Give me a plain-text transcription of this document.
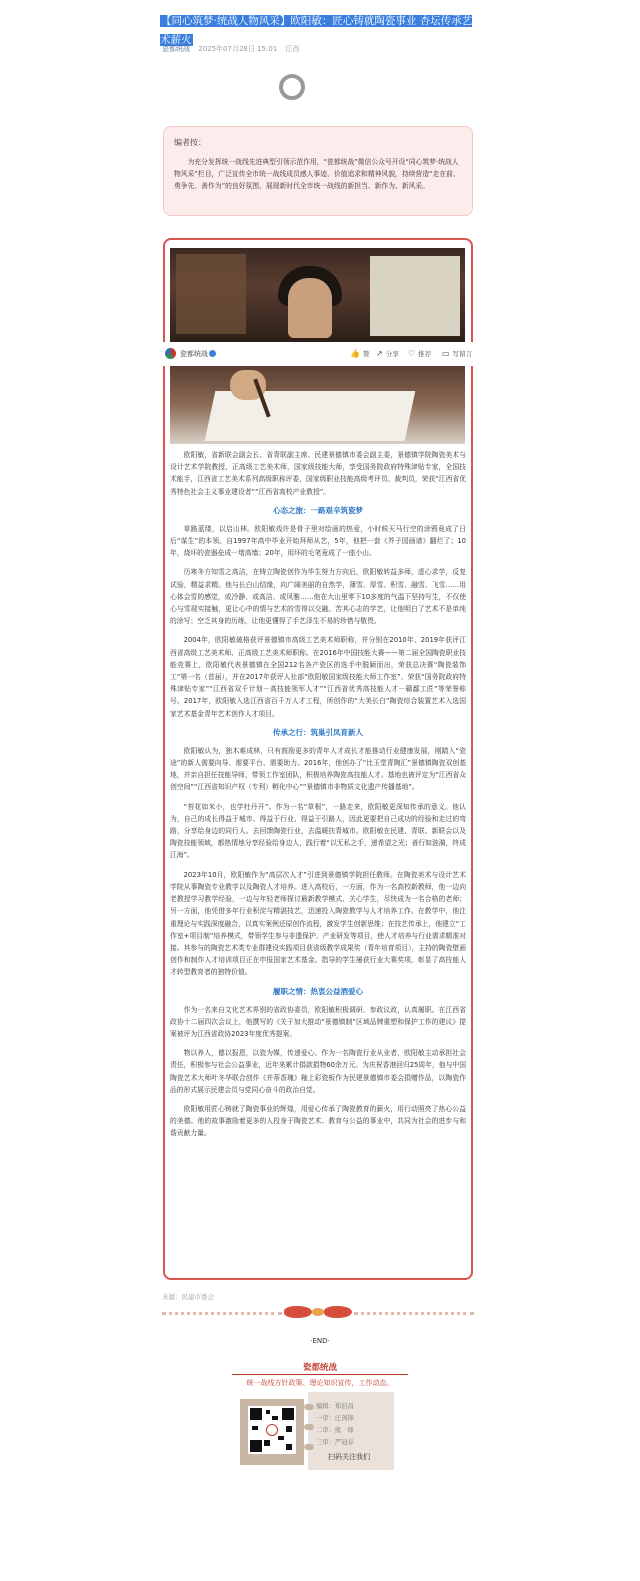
【同心筑梦·统战人物风采】欧阳敏：匠心铸就陶瓷事业 杏坛传承艺术薪火
瓷都统战 2025年07月28日 15:01 江西
编者按：
为充分发挥统一战线先进典型引领示范作用，“瓷都统战”微信公众号开设“同心筑梦·统战人物风采”栏目，广泛宣传全市统一战线成员感人事迹、价值追求和精神风貌，持续营造“走在前、勇争先、善作为”的良好氛围，展现新时代全市统一战线的新担当、新作为、新风采。
瓷都统战	👍 赞 ↗ 分享 ♡ 推荐 ▭ 写留言

欧阳敏，省新联会副会长、省青联副主席、民建景德镇市委会副主委，景德镇学院陶瓷美术与设计艺术学院教授，正高级工艺美术师，国家级技能大师，享受国务院政府特殊津贴专家，全国技术能手，江西省工艺美术系列高级职称评委，国家级职业技能高级考评员、裁判员，荣获“江西省优秀特色社会主义事业建设者”“江西省高校产业教授”。

心态之旅：一路艰辛筑瓷梦

草路蓝缕，以启山林。欧阳敏戏许是骨子里对绘画的热爱，小时候天马行空的涂鸦竟成了日后“谋生”的本领。自1997年高中毕业开始拜师从艺，5年，他把一套《芥子园画谱》翻烂了；10年，烧坏的瓷器垒成一堵高墙；20年，用坏的毛笔竟成了一座小山。

历寒冬方知雪之高洁，在铸立陶瓷创作为毕生努力方向后，欧阳敏转益多师，虚心求学，反复试验，精益求精。他与长白山结缘，向广阔美丽的自然学，薄雪、厚雪、积雪、融雪、飞雪……用心体会雪的感觉，或冷静、或高洁、或风雅……他在大山里零下10多度的气温下坚持写生，不仅使心与雪现实接触，更让心中的情与艺术的雪得以交融。苦其心志的学艺，让他明白了艺术不是单纯的涂写；空乏其身的历练，让他更懂得了手艺泽生不易的珍惜与敬畏。

2004年，欧阳敏破格获评景德镇市高级工艺美术师职称，并分别在2010年、2019年获评江西省高级工艺美术师、正高级工艺美术师职称。在2016年中国技能大赛——第二届全国陶瓷职业技能竞赛上，欧阳敏代表景德镇在全国212名各产瓷区的选手中脱颖而出，荣获总决赛“陶瓷装饰工”第一名（首届），并在2017年获评人社部“欧阳敏国家级技能大师工作室”、荣获“国务院政府特殊津贴专家”“江西省双千计划－高技能领军人才”“江西省优秀高技能人才－赣鄱工匠”等荣誉称号。2017年，欧阳敏入选江西省百千万人才工程，所创作的“大美长白”陶瓷综合装置艺术入选国家艺术基金青年艺术创作人才项目。

传承之行：筑巢引凤育新人

欧阳敏认为，独木难成林，只有鼓励更多的青年人才成长才能推动行业健康发展，刚踏入“瓷途”的新人需要向导、需要平台、需要助力。2016年，他创办了“比玉堂青陶汇”景德镇陶瓷双创基地，并亲自担任技能导师，带领工作室团队，积极培养陶瓷高技能人才。基地也被评定为“江西省众创空间”“江西省知识产权（专利）孵化中心”“景德镇市非物质文化遗产传播基地”。

“苔花如米小，也学牡丹开”。作为一名“草根”，一路走来，欧阳敏更深知传承的意义。他认为，自己的成长得益于城市、得益于行业、得益于引路人，因此更要把自己成功的经验和走过的弯路，分享给身边的同行人。去回馈陶瓷行业，去温暖扶青城市。欧阳敏在民建、青联、新联会以及陶瓷技能领域，都热情地分享经验给身边人，践行着“以无私之手，递希望之光；善行如涟漪，终成江海”。

2023年10月，欧阳敏作为“高层次人才”引进到景德镇学院担任教师。在陶瓷美术与设计艺术学院从事陶瓷专业教学以及陶瓷人才培养。进入高校后，一方面，作为一名高校新教师，他一边向老教授学习教学经验，一边与年轻老师探讨最新教学模式、关心学生，尽快成为一名合格的老师；另一方面，他凭借多年行业积淀与精湛技艺，迅速投入陶瓷教学与人才培养工作。在教学中，他注重理论与实践深度融合，以真实案例还原创作流程，激发学生创新思维；在技艺传承上，他建立“工作室+项目制”培养模式，带领学生参与非遗保护、产业研发等项目，使人才培养与行业需求精准对接。其参与的陶瓷艺术类专业群建设实践项目获省级教学成果奖（青年培育项目），主持的陶瓷壁画创作和制作人才培训项目正在申报国家艺术基金。指导的学生屡获行业大赛奖项，彰显了高技能人才转型教育者的独特价值。

履职之情：热衷公益酒爱心

作为一名来自文化艺术界别的省政协委员，欧阳敏积极调研、参政议政，认真履职。在江西省政协十二届四次会议上，他撰写的《关于加大推动“景德镇制”区域品牌重塑和保护工作的建议》提案被评为江西省政协2023年度优秀提案。

物以养人，德以报恩，以瓷为媒，传递爱心。作为一名陶瓷行业从业者，欧阳敏主动承担社会责任，积极参与社会公益事业，近年来累计捐款捐物60余万元。为庆祝香港回归25周年，他与中国陶瓷艺术大师叶冬华联合创作《并蒂香瑰》釉上彩瓷板作为民建景德镇市委会捐赠作品，以陶瓷作品的形式展示民建会员与党同心奋斗的政治自觉。

欧阳敏用匠心铸就了陶瓷事业的辉煌，用爱心传承了陶瓷教育的薪火，用行动照亮了热心公益的美德。他的故事激励着更多的人投身于陶瓷艺术、教育与公益的事业中，共同为社会的进步与和谐贡献力量。

来源：民建市委会
·END·
瓷都统战
统一战线方针政策、理论知识宣传，工作动态。
编辑：郑伯昌
一审：汪剑锋
二审：熊　烽
三审：严冠春
扫码关注我们
